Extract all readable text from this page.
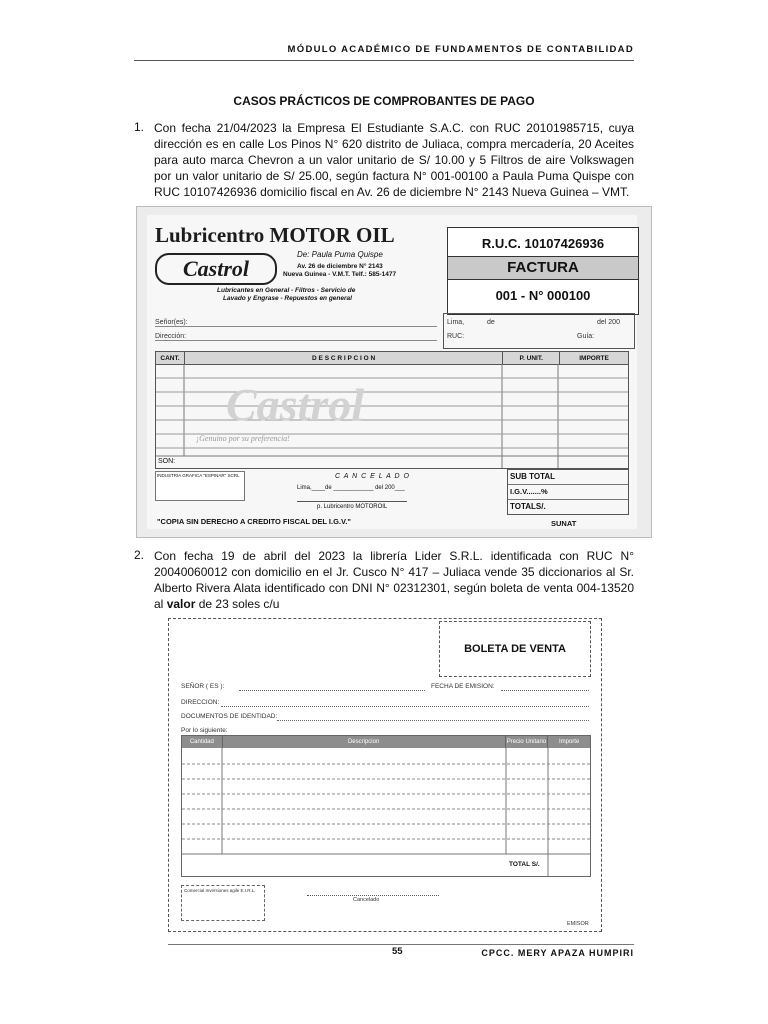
MÓDULO ACADÉMICO DE FUNDAMENTOS DE CONTABILIDAD
CASOS PRÁCTICOS DE COMPROBANTES DE PAGO
1. Con fecha 21/04/2023 la Empresa El Estudiante S.A.C. con RUC 20101985715, cuya dirección es en calle Los Pinos N° 620 distrito de Juliaca, compra mercadería, 20 Aceites para auto marca Chevron a un valor unitario de S/ 10.00 y 5 Filtros de aire Volkswagen por un valor unitario de S/ 25.00, según factura N° 001-00100 a Paula Puma Quispe con RUC 10107426936 domicilio fiscal en Av. 26 de diciembre N° 2143 Nueva Guinea – VMT.
Lubricentro MOTOR OIL
Castrol
De: Paula Puma Quispe
Av. 26 de diciembre N° 2143
Nueva Guinea - V.M.T. Telf.: 585-1477
Lubricantes en General - Filtros - Servicio de
Lavado y Engrase - Repuestos en general
R.U.C. 10107426936
FACTURA
001 - N° 000100
Señor(es):
Dirección:
Lima,	de	del 200
RUC:	Guía:
CANT.	D E S C R I P C I O N	P. UNIT.	IMPORTE
Castrol
¡Genuino por su preferencia!
SON:
INDUSTRIA GRAFICA "ESPINAR" SCRL	C A N C E L A D O
Lima,____de ____________ del 200___
p. Lubricentro MOTOROIL
"COPIA SIN DERECHO A CREDITO FISCAL DEL I.G.V."
SUB TOTAL
I.G.V.......%
TOTALS/.
SUNAT
2. Con fecha 19 de abril del 2023 la librería Lider S.R.L. identificada con RUC N° 20040060012 con domicilio en el Jr. Cusco N° 417 – Juliaca vende 35 diccionarios al Sr. Alberto Rivera Alata identificado con DNI N° 02312301, según boleta de venta 004-13520 al valor de 23 soles c/u
BOLETA DE VENTA
SEÑOR ( ES ):	FECHA DE EMISION:
DIRECCION:
DOCUMENTOS DE IDENTIDAD:
Por lo siguiente:
Cantidad	Descripcion	Precio Unitario	Importe
TOTAL S/.
Comercial Inversiones agile E.I.R.L.
Cancelado
EMISOR
55	CPCC. MERY APAZA HUMPIRI
